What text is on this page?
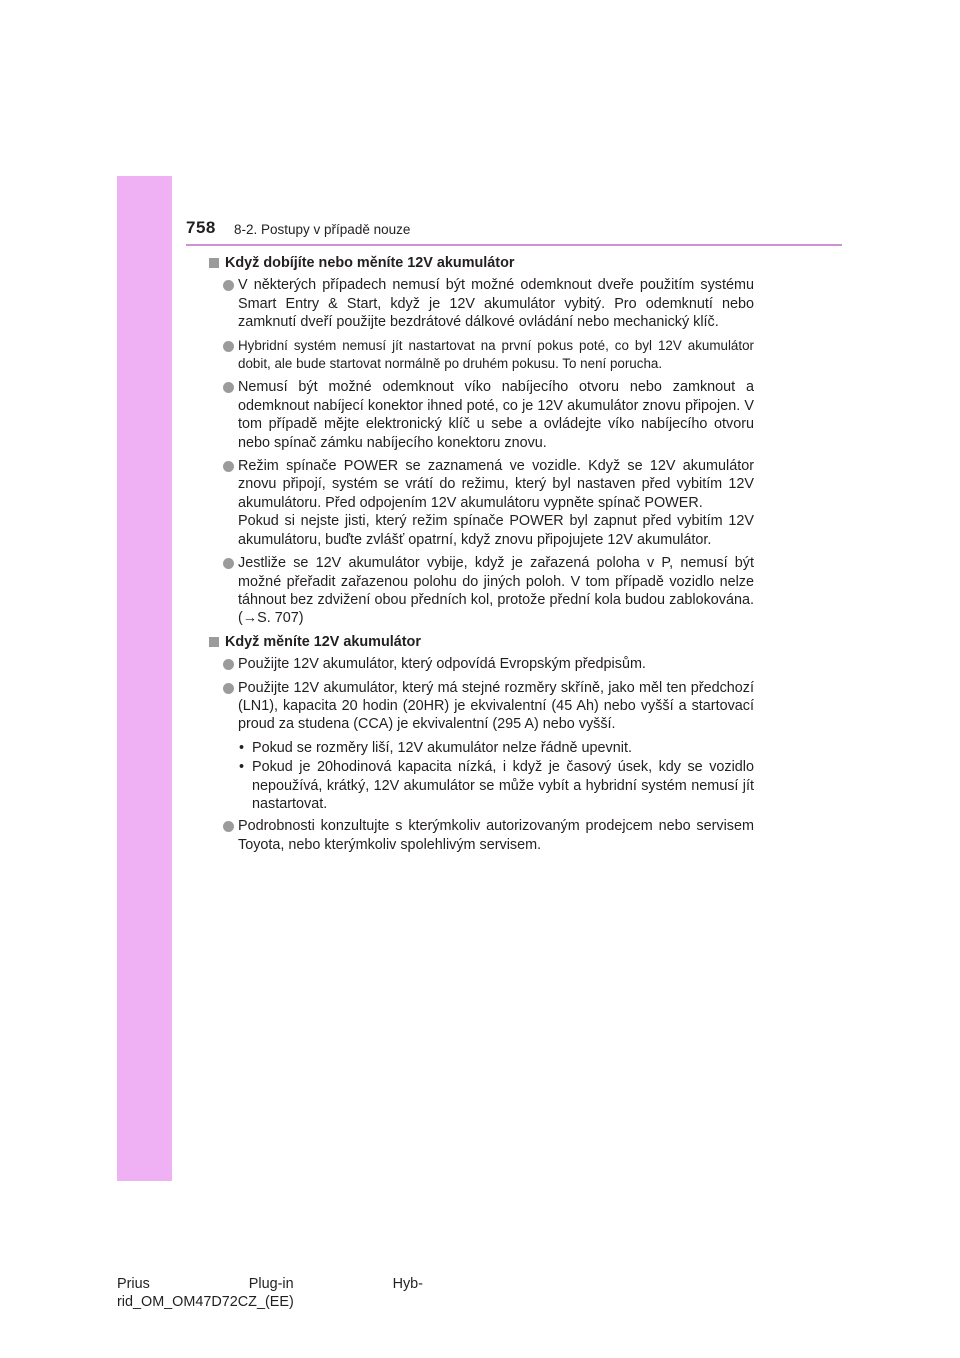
758 8-2. Postupy v případě nouze
Když dobíjíte nebo měníte 12V akumulátor

V některých případech nemusí být možné odemknout dveře použitím systému Smart Entry & Start, když je 12V akumulátor vybitý. Pro odemknutí nebo zamknutí dveří použijte bezdrátové dálkové ovládání nebo mechanický klíč.

Hybridní systém nemusí jít nastartovat na první pokus poté, co byl 12V akumulátor dobit, ale bude startovat normálně po druhém pokusu. To není porucha.

Nemusí být možné odemknout víko nabíjecího otvoru nebo zamknout a odemknout nabíjecí konektor ihned poté, co je 12V akumulátor znovu připojen. V tom případě mějte elektronický klíč u sebe a ovládejte víko nabíjecího otvoru nebo spínač zámku nabíjecího konektoru znovu.

Režim spínače POWER se zaznamená ve vozidle. Když se 12V akumulátor znovu připojí, systém se vrátí do režimu, který byl nastaven před vybitím 12V akumulátoru. Před odpojením 12V akumulátoru vypněte spínač POWER.

Pokud si nejste jisti, který režim spínače POWER byl zapnut před vybitím 12V akumulátoru, buďte zvlášť opatrní, když znovu připojujete 12V akumulátor.

Jestliže se 12V akumulátor vybije, když je zařazená poloha v P, nemusí být možné přeřadit zařazenou polohu do jiných poloh. V tom případě vozidlo nelze táhnout bez zdvižení obou předních kol, protože přední kola budou zablokována. (→S. 707)

Když měníte 12V akumulátor

Použijte 12V akumulátor, který odpovídá Evropským předpisům.

Použijte 12V akumulátor, který má stejné rozměry skříně, jako měl ten předchozí (LN1), kapacita 20 hodin (20HR) je ekvivalentní (45 Ah) nebo vyšší a startovací proud za studena (CCA) je ekvivalentní (295 A) nebo vyšší.

• Pokud se rozměry liší, 12V akumulátor nelze řádně upevnit.
• Pokud je 20hodinová kapacita nízká, i když je časový úsek, kdy se vozidlo nepoužívá, krátký, 12V akumulátor se může vybít a hybridní systém nemusí jít nastartovat.

Podrobnosti konzultujte s kterýmkoliv autorizovaným prodejcem nebo servisem Toyota, nebo kterýmkoliv spolehlivým servisem.

Prius	Plug-in	Hyb-
rid_OM_OM47D72CZ_(EE)
